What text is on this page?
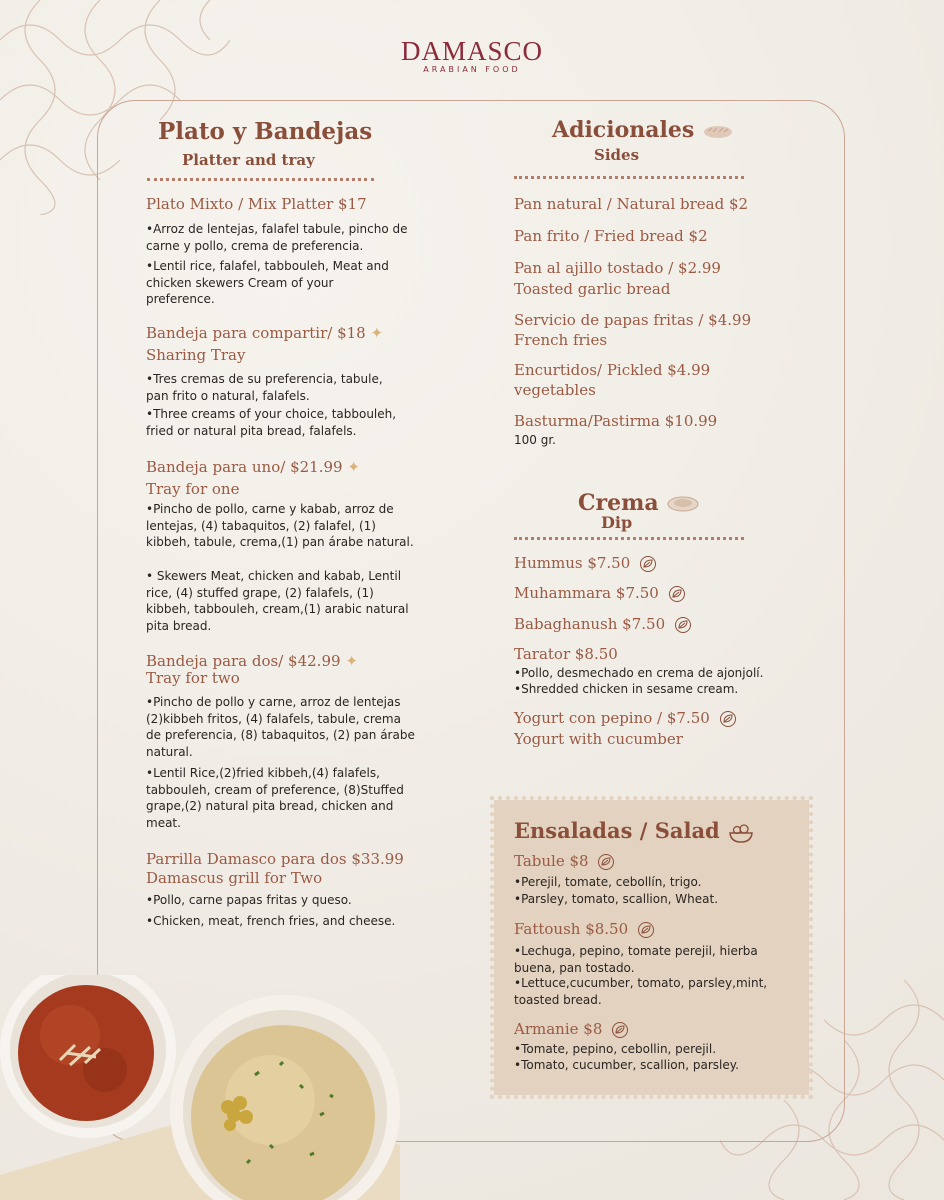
DAMASCO
ARABIAN FOOD
Plato y Bandejas
Platter and tray
Plato Mixto / Mix Platter $17
•Arroz de lentejas, falafel tabule, pincho de carne y pollo, crema de preferencia.
•Lentil rice, falafel, tabbouleh, Meat and chicken skewers Cream of your preference.
Bandeja para compartir/ $18 ✦
Sharing Tray
•Tres cremas de su preferencia, tabule, pan frito o natural, falafels.
•Three creams of your choice, tabbouleh, fried or natural pita bread, falafels.
Bandeja para uno/ $21.99 ✦
Tray for one
•Pincho de pollo, carne y kabab, arroz de lentejas, (4) tabaquitos, (2) falafel, (1) kibbeh, tabule, crema,(1) pan árabe natural.
• Skewers Meat, chicken and kabab, Lentil rice, (4) stuffed grape, (2) falafels, (1) kibbeh, tabbouleh, cream,(1) arabic natural pita bread.
Bandeja para dos/ $42.99 ✦
Tray for two
•Pincho de pollo y carne, arroz de lentejas (2)kibbeh fritos, (4) falafels, tabule, crema de preferencia, (8) tabaquitos, (2) pan árabe natural.
•Lentil Rice,(2)fried kibbeh,(4) falafels, tabbouleh, cream of preference, (8)Stuffed grape,(2) natural pita bread, chicken and meat.
Parrilla Damasco para dos $33.99
Damascus grill for Two
•Pollo, carne papas fritas y queso.
•Chicken, meat, french fries, and cheese.
Adicionales
Sides
Pan natural / Natural bread $2
Pan frito / Fried bread $2
Pan al ajillo tostado / $2.99
Toasted garlic bread
Servicio de papas fritas / $4.99
French fries
Encurtidos/ Pickled $4.99
vegetables
Basturma/Pastirma $10.99
100 gr.
Crema
Dip
Hummus $7.50
Muhammara $7.50
Babaghanush $7.50
Tarator $8.50
•Pollo, desmechado en crema de ajonjolí.
•Shredded chicken in sesame cream.
Yogurt con pepino / $7.50
Yogurt with cucumber
Ensaladas / Salad
Tabule $8
•Perejil, tomate, cebollín, trigo.
•Parsley, tomato, scallion, Wheat.
Fattoush $8.50
•Lechuga, pepino, tomate perejil, hierba buena, pan tostado.
•Lettuce,cucumber, tomato, parsley,mint, toasted bread.
Armanie $8
•Tomate, pepino, cebollin, perejil.
•Tomato, cucumber, scallion, parsley.
